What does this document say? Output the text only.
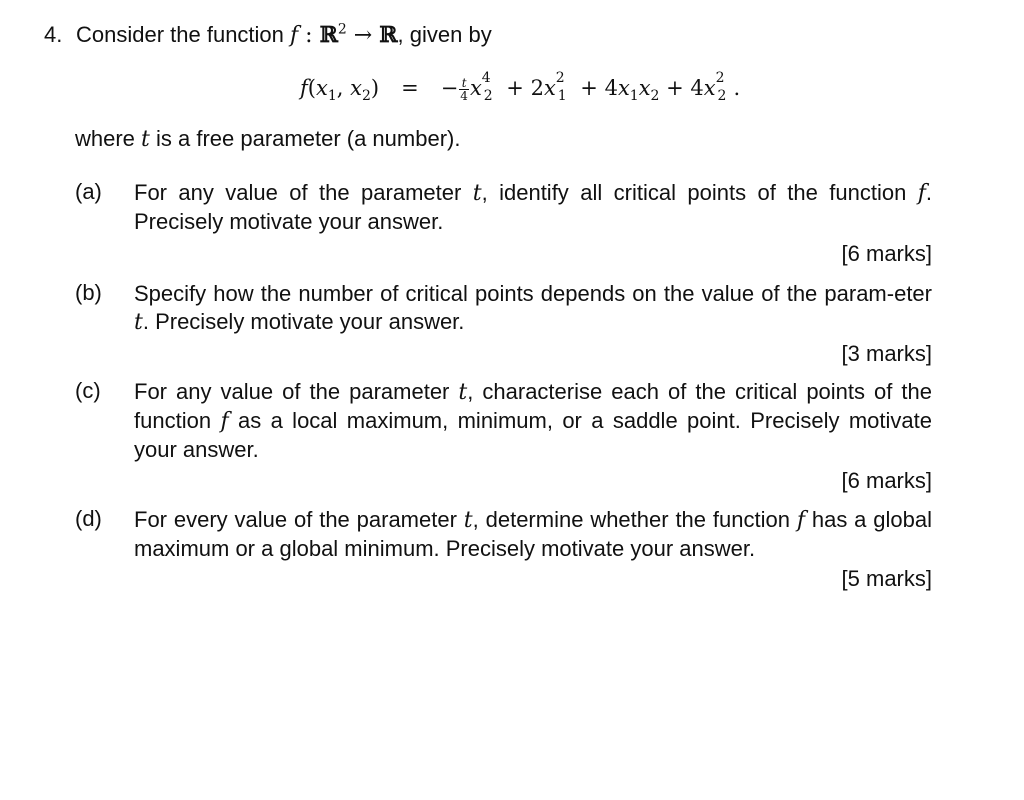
4. Consider the function f : ℝ$^2$ → ℝ, given by
$f(x_1$, $x_2$) = − $\frac{t}{4} x_{42} + 2x_{21} + 4x_1x_2 + 4x_{22}$ .
where t is a free parameter (a number).
(a)	For any value of the parameter t, identify all critical points of the function f. Precisely motivate your answer.
[6 marks]
(b)	Specify how the number of critical points depends on the value of the param-eter t. Precisely motivate your answer.
[3 marks]
(c)	For any value of the parameter t, characterise each of the critical points of the function f as a local maximum, minimum, or a saddle point. Precisely motivate your answer.
[6 marks]
(d)	For every value of the parameter t, determine whether the function f has a global maximum or a global minimum. Precisely motivate your answer.
[5 marks]
